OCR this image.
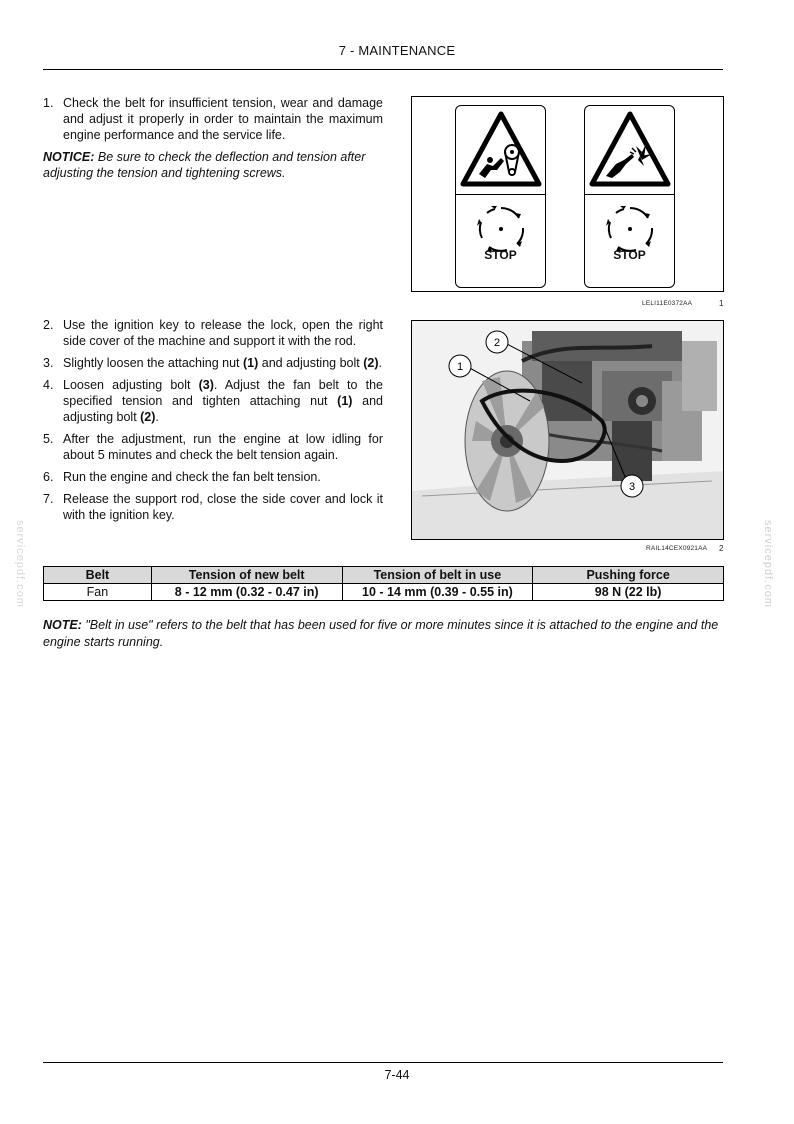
7 - MAINTENANCE
1. Check the belt for insufficient tension, wear and damage and adjust it properly in order to maintain the maximum engine performance and the service life.
NOTICE: Be sure to check the deflection and tension after adjusting the tension and tightening screws.
STOP	STOP
LELI11E0372AA	1
2. Use the ignition key to release the lock, open the right side cover of the machine and support it with the rod.
3. Slightly loosen the attaching nut (1) and adjusting bolt (2).
4. Loosen adjusting bolt (3). Adjust the fan belt to the specified tension and tighten attaching nut (1) and adjusting bolt (2).
5. After the adjustment, run the engine at low idling for about 5 minutes and check the belt tension again.
6. Run the engine and check the fan belt tension.
7. Release the support rod, close the side cover and lock it with the ignition key.
1
2
3
RAIL14CEX0921AA 2
Belt	Tension of new belt	Tension of belt in use	Pushing force
Fan	8 - 12 mm (0.32 - 0.47 in)	10 - 14 mm (0.39 - 0.55 in)	98 N (22 lb)
NOTE: "Belt in use" refers to the belt that has been used for five or more minutes since it is attached to the engine and the engine starts running.
servicepdf.com	servicepdf.com
7-44
